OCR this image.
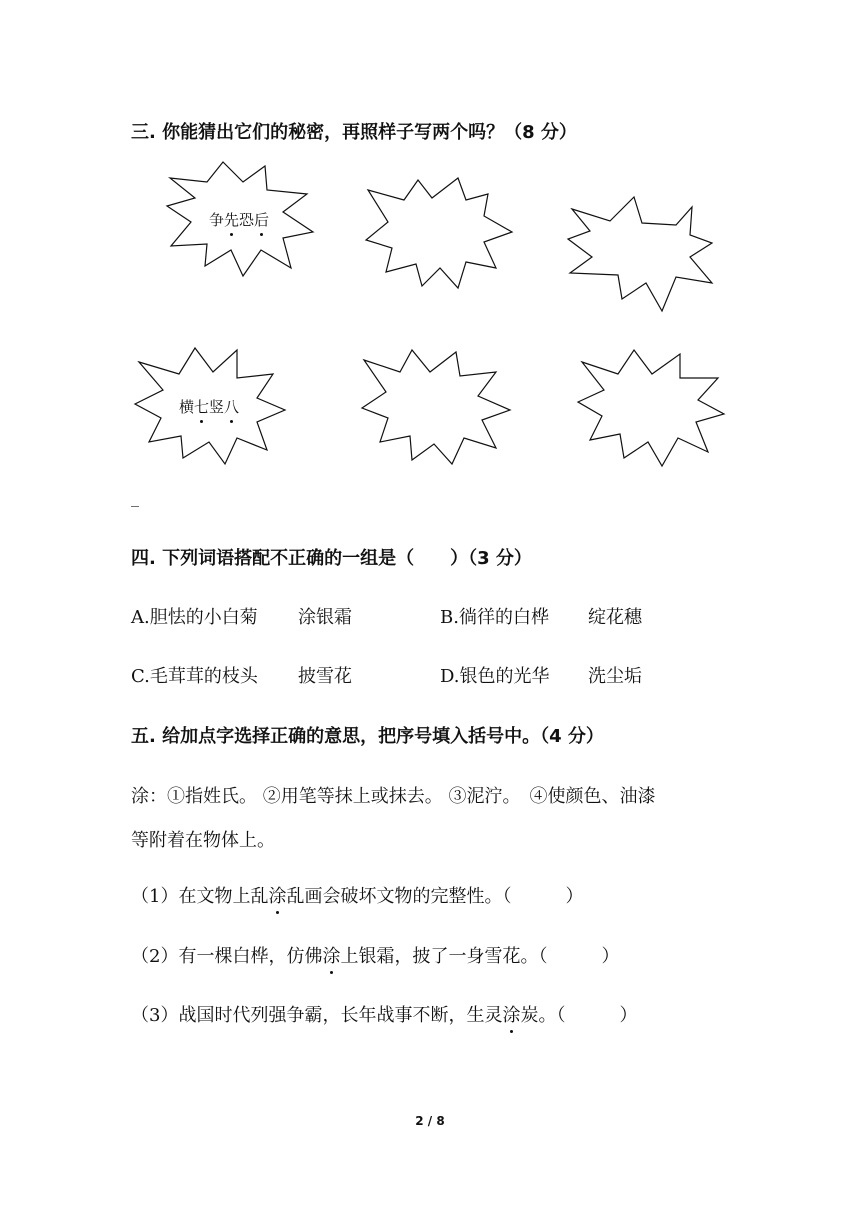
三. 你能猜出它们的秘密，再照样子写两个吗？（8 分）
争先恐后
横七竖八
_
四. 下列词语搭配不正确的一组是（　　）（3 分）
A.胆怯的小白菊 涂银霜	B.徜徉的白桦 绽花穗
C.毛茸茸的枝头 披雪花	D.银色的光华 洗尘垢
五. 给加点字选择正确的意思，把序号填入括号中。（4 分）
涂：①指姓氏。 ②用笔等抹上或抹去。 ③泥泞。　④使颜色、油漆
等附着在物体上。
（1）在文物上乱涂乱画会破坏文物的完整性。（　　　）
（2）有一棵白桦，仿佛涂上银霜，披了一身雪花。（　　　）
（3）战国时代列强争霸，长年战事不断，生灵涂炭。（　　　）
2 / 8
